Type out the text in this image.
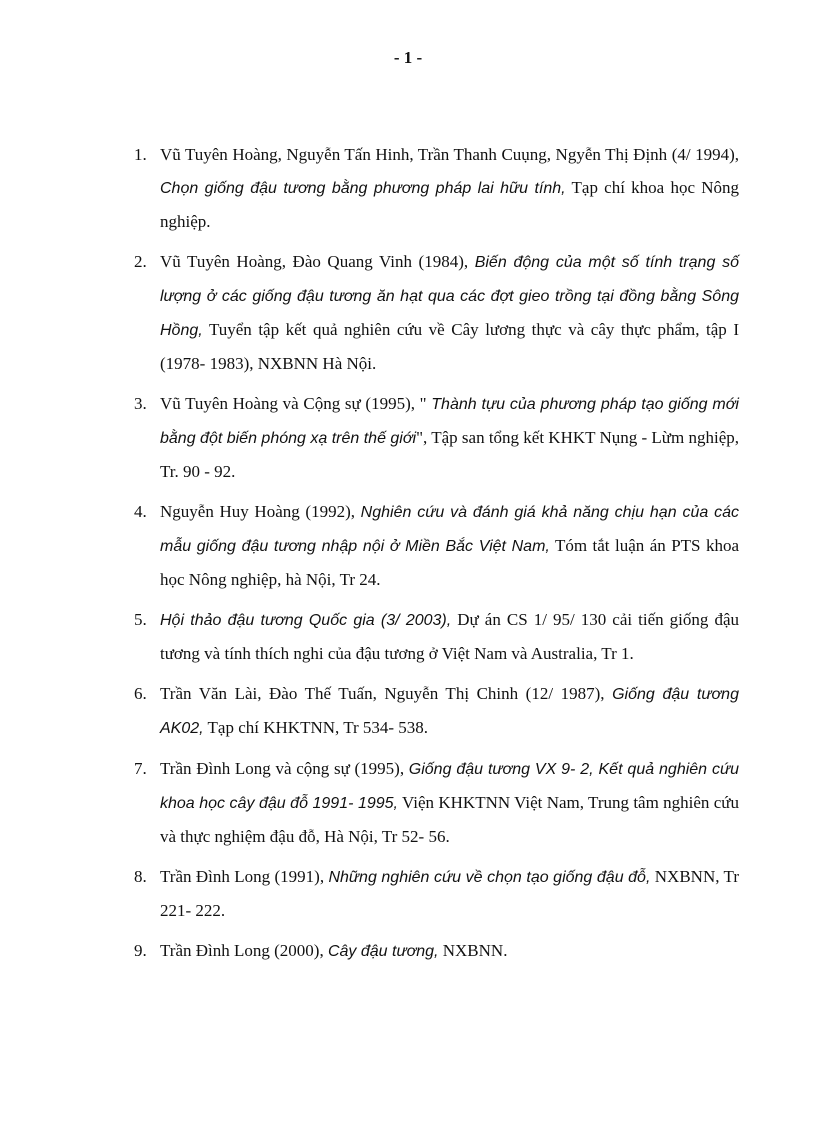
- 1 -
1. Vũ Tuyên Hoàng, Nguyễn Tấn Hinh, Trần Thanh Cuụng, Ngyễn Thị Định (4/ 1994), Chọn giống đậu tương bằng phương pháp lai hữu tính, Tạp chí khoa học Nông nghiệp.
2. Vũ Tuyên Hoàng, Đào Quang Vinh (1984), Biến động của một số tính trạng số lượng ở các giống đậu tương ăn hạt qua các đợt gieo trồng tại đồng bằng Sông Hồng, Tuyển tập kết quả nghiên cứu về Cây lương thực và cây thực phẩm, tập I (1978- 1983), NXBNN Hà Nội.
3. Vũ Tuyên Hoàng và Cộng sự (1995), " Thành tựu của phương pháp tạo giống mới bằng đột biến phóng xạ trên thế giới", Tập san tổng kết KHKT Nụng - Lừm nghiệp, Tr. 90 - 92.
4. Nguyễn Huy Hoàng (1992), Nghiên cứu và đánh giá khả năng chịu hạn của các mẫu giống đậu tương nhập nội ở Miền Bắc Việt Nam, Tóm tắt luận án PTS khoa học Nông nghiệp, hà Nội, Tr 24.
5. Hội thảo đậu tương Quốc gia (3/ 2003), Dự án CS 1/ 95/ 130 cải tiến giống đậu tương và tính thích nghi của đậu tương ở Việt Nam và Australia, Tr 1.
6. Trần Văn Lài, Đào Thế Tuấn, Nguyễn Thị Chinh (12/ 1987), Giống đậu tương AK02, Tạp chí KHKTNN, Tr 534- 538.
7. Trần Đình Long và cộng sự (1995), Giống đậu tương VX 9- 2, Kết quả nghiên cứu khoa học cây đậu đỗ 1991- 1995, Viện KHKTNN Việt Nam, Trung tâm nghiên cứu và thực nghiệm đậu đỗ, Hà Nội, Tr 52- 56.
8. Trần Đình Long (1991), Những nghiên cứu về chọn tạo giống đậu đỗ, NXBNN, Tr 221- 222.
9. Trần Đình Long (2000), Cây đậu tương, NXBNN.
